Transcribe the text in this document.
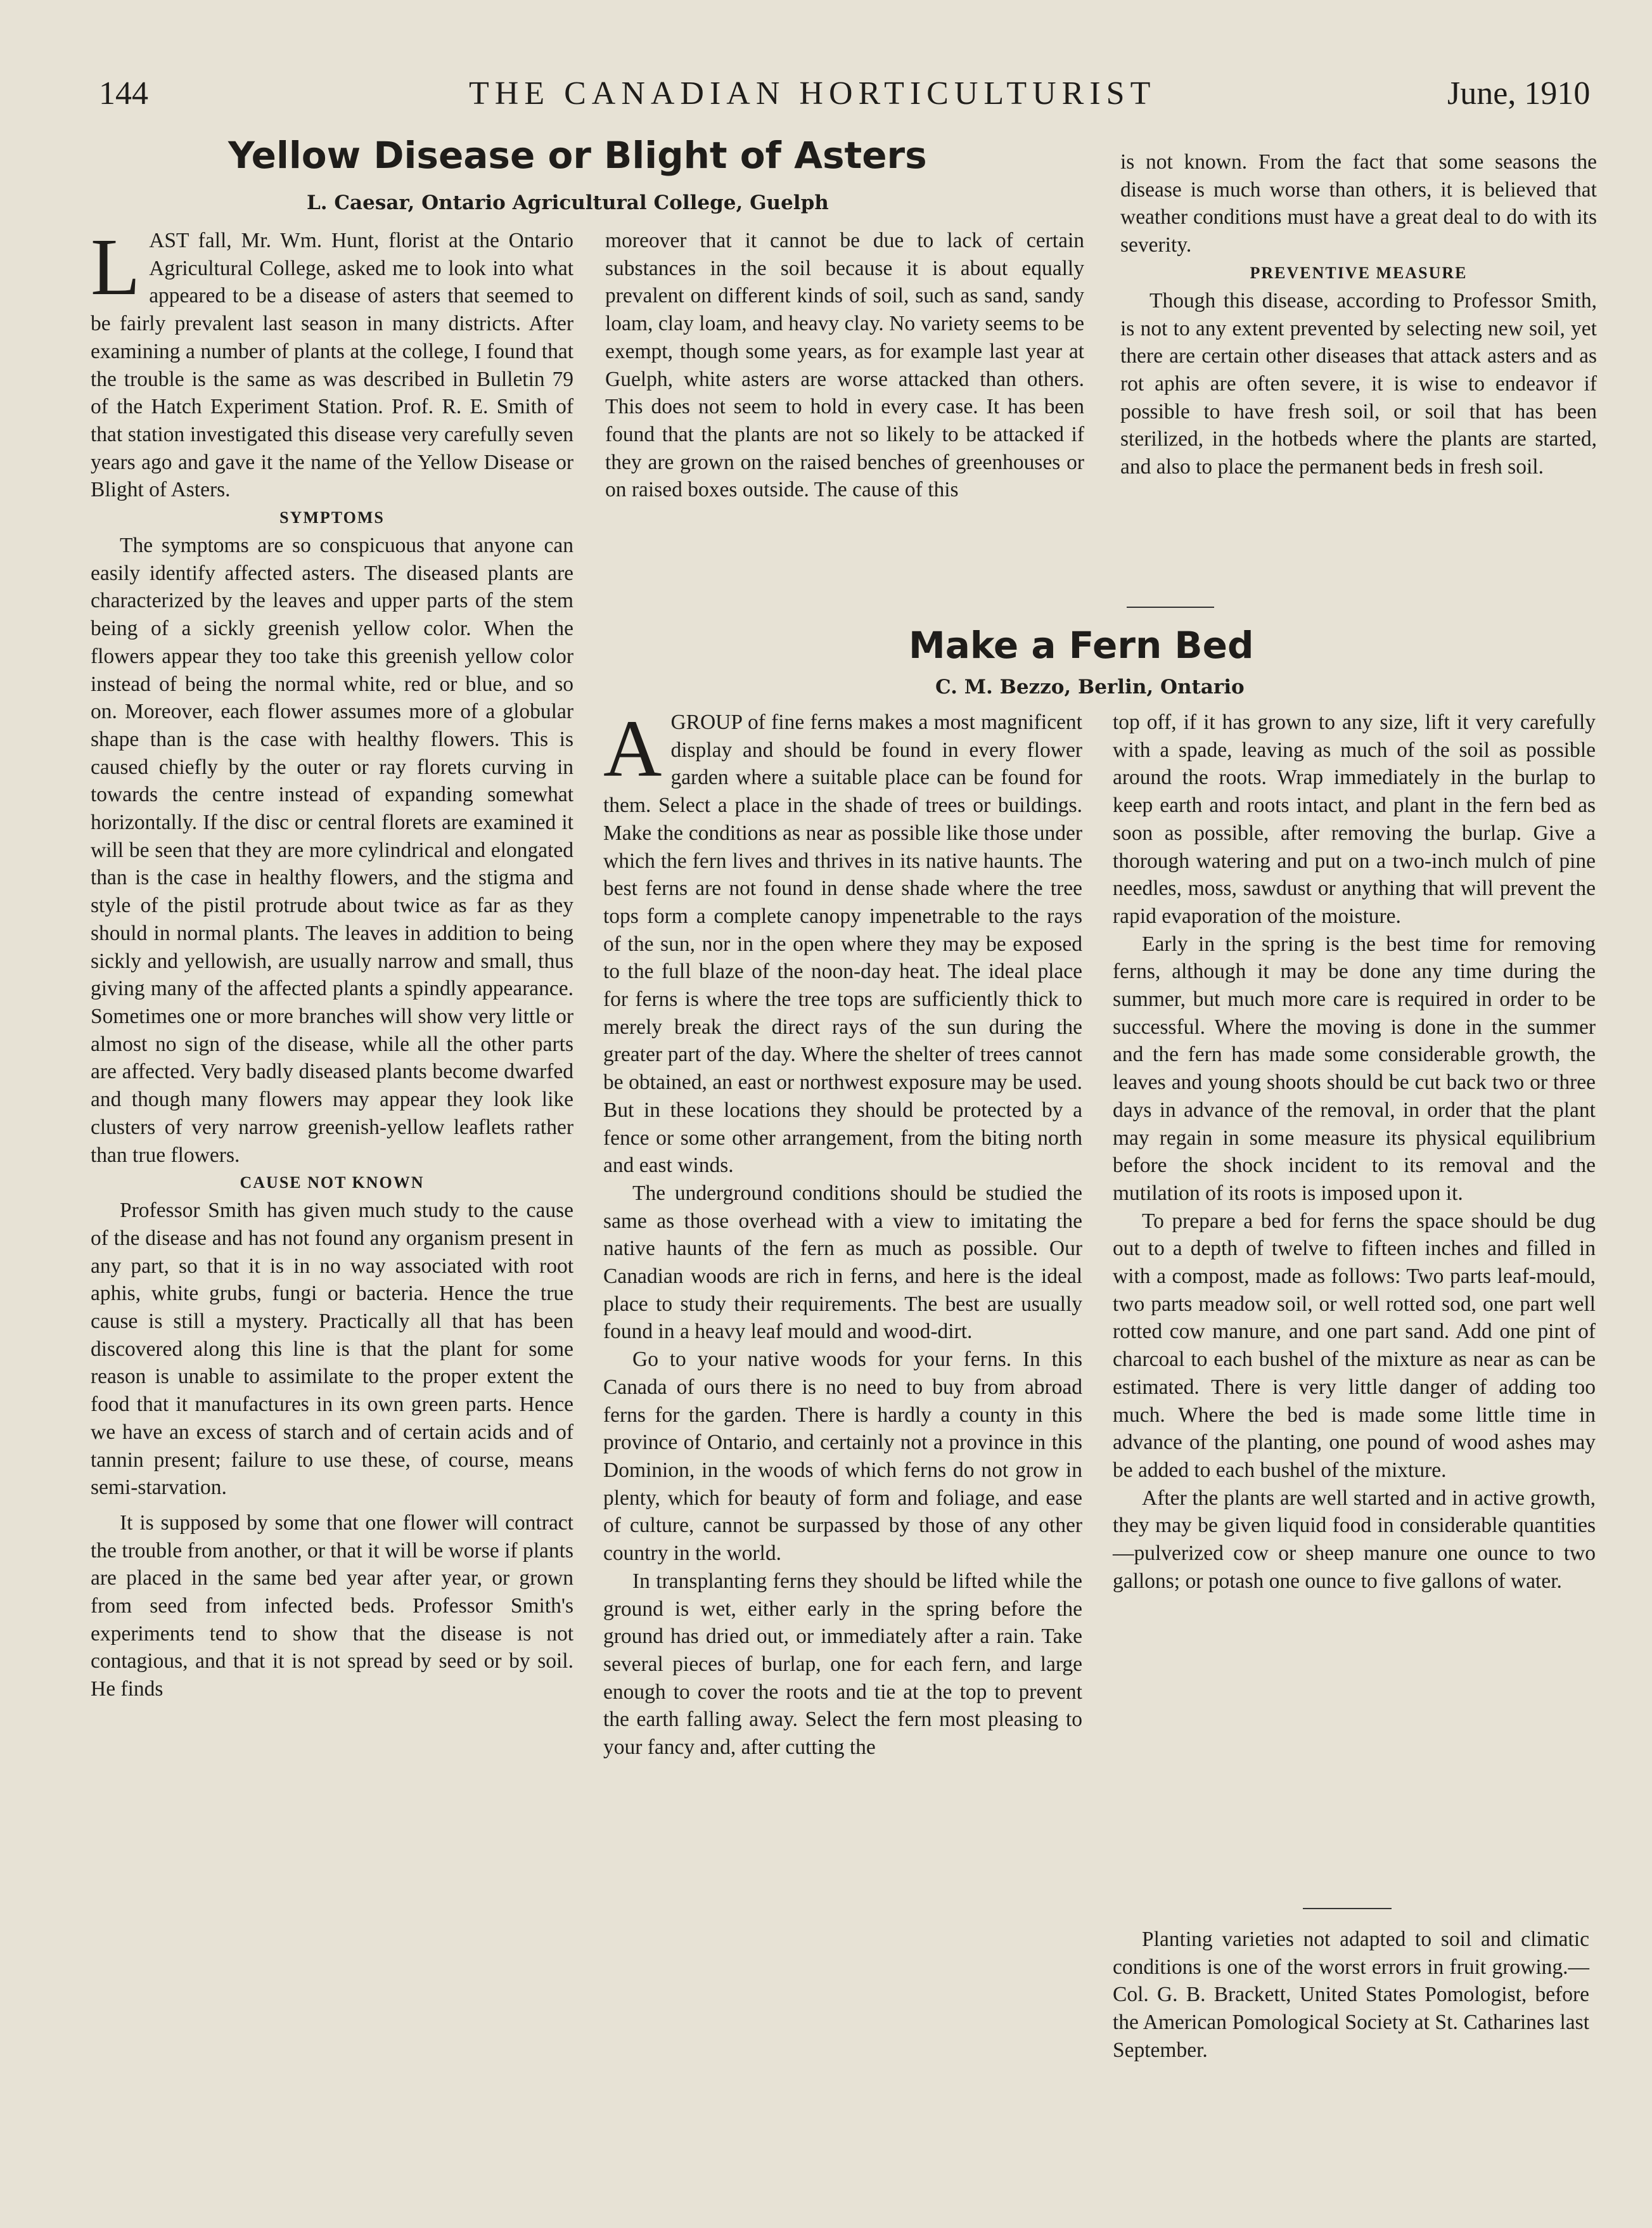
144	THE CANADIAN HORTICULTURIST	June, 1910
Yellow Disease or Blight of Asters
L. Caesar, Ontario Agricultural College, Guelph

LAST fall, Mr. Wm. Hunt, florist at the Ontario Agricultural College, asked me to look into what appeared to be a disease of asters that seemed to be fairly prevalent last season in many districts. After examining a number of plants at the college, I found that the trouble is the same as was described in Bulletin 79 of the Hatch Experiment Station. Prof. R. E. Smith of that station investigated this disease very carefully seven years ago and gave it the name of the Yellow Disease or Blight of Asters.

SYMPTOMS

The symptoms are so conspicuous that anyone can easily identify affected asters. The diseased plants are characterized by the leaves and upper parts of the stem being of a sickly greenish yellow color. When the flowers appear they too take this greenish yellow color instead of being the normal white, red or blue, and so on. Moreover, each flower assumes more of a globular shape than is the case with healthy flowers. This is caused chiefly by the outer or ray florets curving in towards the centre instead of expanding somewhat horizontally. If the disc or central florets are examined it will be seen that they are more cylindrical and elongated than is the case in healthy flowers, and the stigma and style of the pistil protrude about twice as far as they should in normal plants. The leaves in addition to being sickly and yellowish, are usually narrow and small, thus giving many of the affected plants a spindly appearance. Sometimes one or more branches will show very little or almost no sign of the disease, while all the other parts are affected. Very badly diseased plants become dwarfed and though many flowers may appear they look like clusters of very narrow greenish-yellow leaflets rather than true flowers.

CAUSE NOT KNOWN

Professor Smith has given much study to the cause of the disease and has not found any organism present in any part, so that it is in no way associated with root aphis, white grubs, fungi or bacteria. Hence the true cause is still a mystery. Practically all that has been discovered along this line is that the plant for some reason is unable to assimilate to the proper extent the food that it manufactures in its own green parts. Hence we have an excess of starch and of certain acids and of tannin present; failure to use these, of course, means semi-starvation.

It is supposed by some that one flower will contract the trouble from another, or that it will be worse if plants are placed in the same bed year after year, or grown from seed from infected beds. Professor Smith's experiments tend to show that the disease is not contagious, and that it is not spread by seed or by soil. He finds

moreover that it cannot be due to lack of certain substances in the soil because it is about equally prevalent on different kinds of soil, such as sand, sandy loam, clay loam, and heavy clay. No variety seems to be exempt, though some years, as for example last year at Guelph, white asters are worse attacked than others. This does not seem to hold in every case. It has been found that the plants are not so likely to be attacked if they are grown on the raised benches of greenhouses or on raised boxes outside. The cause of this

is not known. From the fact that some seasons the disease is much worse than others, it is believed that weather conditions must have a great deal to do with its severity.

PREVENTIVE MEASURE

Though this disease, according to Professor Smith, is not to any extent prevented by selecting new soil, yet there are certain other diseases that attack asters and as rot aphis are often severe, it is wise to endeavor if possible to have fresh soil, or soil that has been sterilized, in the hotbeds where the plants are started, and also to place the permanent beds in fresh soil.

Make a Fern Bed
C. M. Bezzo, Berlin, Ontario

AGROUP of fine ferns makes a most magnificent display and should be found in every flower garden where a suitable place can be found for them. Select a place in the shade of trees or buildings. Make the conditions as near as possible like those under which the fern lives and thrives in its native haunts. The best ferns are not found in dense shade where the tree tops form a complete canopy impenetrable to the rays of the sun, nor in the open where they may be exposed to the full blaze of the noon-day heat. The ideal place for ferns is where the tree tops are sufficiently thick to merely break the direct rays of the sun during the greater part of the day. Where the shelter of trees cannot be obtained, an east or northwest exposure may be used. But in these locations they should be protected by a fence or some other arrangement, from the biting north and east winds.

The underground conditions should be studied the same as those overhead with a view to imitating the native haunts of the fern as much as possible. Our Canadian woods are rich in ferns, and here is the ideal place to study their requirements. The best are usually found in a heavy leaf mould and wood-dirt.

Go to your native woods for your ferns. In this Canada of ours there is no need to buy from abroad ferns for the garden. There is hardly a county in this province of Ontario, and certainly not a province in this Dominion, in the woods of which ferns do not grow in plenty, which for beauty of form and foliage, and ease of culture, cannot be surpassed by those of any other country in the world.

In transplanting ferns they should be lifted while the ground is wet, either early in the spring before the ground has dried out, or immediately after a rain. Take several pieces of burlap, one for each fern, and large enough to cover the roots and tie at the top to prevent the earth falling away. Select the fern most pleasing to your fancy and, after cutting the

top off, if it has grown to any size, lift it very carefully with a spade, leaving as much of the soil as possible around the roots. Wrap immediately in the burlap to keep earth and roots intact, and plant in the fern bed as soon as possible, after removing the burlap. Give a thorough watering and put on a two-inch mulch of pine needles, moss, sawdust or anything that will prevent the rapid evaporation of the moisture.

Early in the spring is the best time for removing ferns, although it may be done any time during the summer, but much more care is required in order to be successful. Where the moving is done in the summer and the fern has made some considerable growth, the leaves and young shoots should be cut back two or three days in advance of the removal, in order that the plant may regain in some measure its physical equilibrium before the shock incident to its removal and the mutilation of its roots is imposed upon it.

To prepare a bed for ferns the space should be dug out to a depth of twelve to fifteen inches and filled in with a compost, made as follows: Two parts leaf-mould, two parts meadow soil, or well rotted sod, one part well rotted cow manure, and one part sand. Add one pint of charcoal to each bushel of the mixture as near as can be estimated. There is very little danger of adding too much. Where the bed is made some little time in advance of the planting, one pound of wood ashes may be added to each bushel of the mixture.

After the plants are well started and in active growth, they may be given liquid food in considerable quantities—pulverized cow or sheep manure one ounce to two gallons; or potash one ounce to five gallons of water.

Planting varieties not adapted to soil and climatic conditions is one of the worst errors in fruit growing.—Col. G. B. Brackett, United States Pomologist, before the American Pomological Society at St. Catharines last September.
